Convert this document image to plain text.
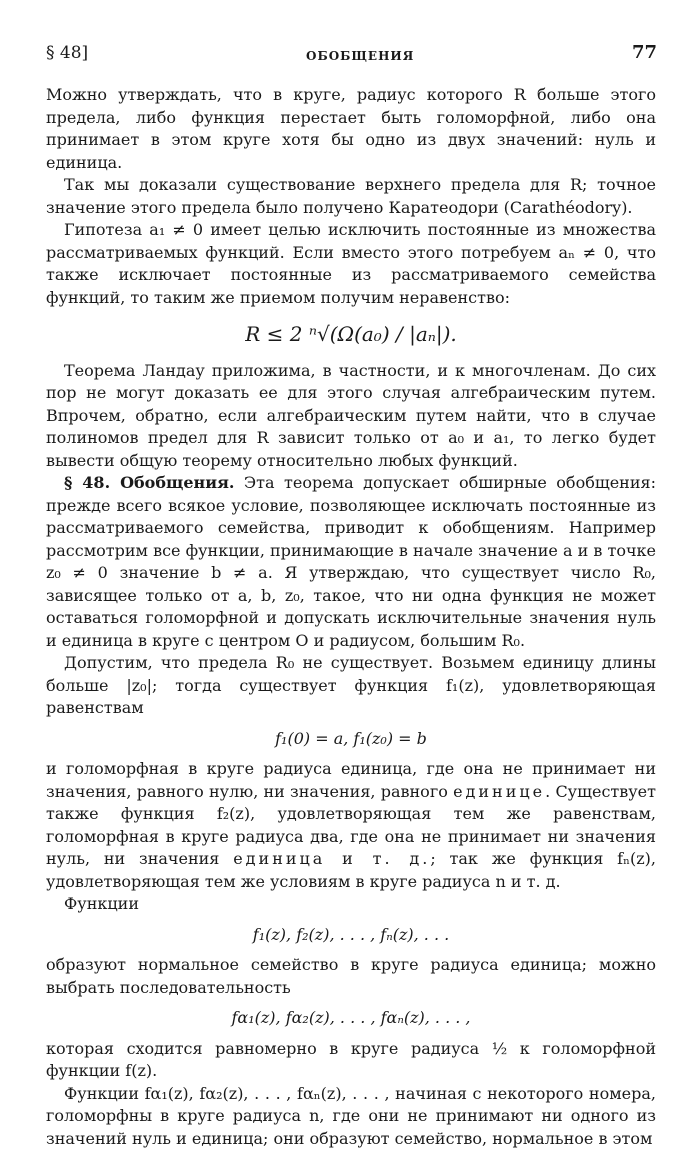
§ 48]	ОБОБЩЕНИЯ	77

Можно утверждать, что в круге, радиус которого R больше этого предела, либо функция перестает быть голоморфной, либо она принимает в этом круге хотя бы одно из двух значений: нуль и единица.

Так мы доказали существование верхнего предела для R; точное значение этого предела было получено Каратеодори (Carathéodory).

Гипотеза a₁ ≠ 0 имеет целью исключить постоянные из множества рассматриваемых функций. Если вместо этого потребуем aₙ ≠ 0, что также исключает постоянные из рассматриваемого семейства функций, то таким же приемом получим неравенство:

R ≤ 2 ⁿ√(Ω(a₀) / |aₙ|).

Теорема Ландау приложима, в частности, и к многочленам. До сих пор не могут доказать ее для этого случая алгебраическим путем. Впрочем, обратно, если алгебраическим путем найти, что в случае полиномов предел для R зависит только от a₀ и a₁, то легко будет вывести общую теорему относительно любых функций.

§ 48. Обобщения. Эта теорема допускает обширные обобщения: прежде всего всякое условие, позволяющее исключать постоянные из рассматриваемого семейства, приводит к обобщениям. Например рассмотрим все функции, принимающие в начале значение a и в точке z₀ ≠ 0 значение b ≠ a. Я утверждаю, что существует число R₀, зависящее только от a, b, z₀, такое, что ни одна функция не может оставаться голоморфной и допускать исключительные значения нуль и единица в круге с центром O и радиусом, большим R₀.

Допустим, что предела R₀ не существует. Возьмем единицу длины больше |z₀|; тогда существует функция f₁(z), удовлетворяющая равенствам

f₁(0) = a, f₁(z₀) = b

и голоморфная в круге радиуса единица, где она не принимает ни значения, равного нулю, ни значения, равного единице. Существует также функция f₂(z), удовлетворяющая тем же равенствам, голоморфная в круге радиуса два, где она не принимает ни значения нуль, ни значения единица и т. д.; так же функция fₙ(z), удовлетворяющая тем же условиям в круге радиуса n и т. д.

Функции

f₁(z), f₂(z), . . . , fₙ(z), . . .

образуют нормальное семейство в круге радиуса единица; можно выбрать последовательность

fα₁(z), fα₂(z), . . . , fαₙ(z), . . . ,

которая сходится равномерно в круге радиуса ½ к голоморфной функции f(z).

Функции fα₁(z), fα₂(z), . . . , fαₙ(z), . . . , начиная с некоторого номера, голоморфны в круге радиуса n, где они не принимают ни одного из значений нуль и единица; они образуют семейство, нормальное в этом
